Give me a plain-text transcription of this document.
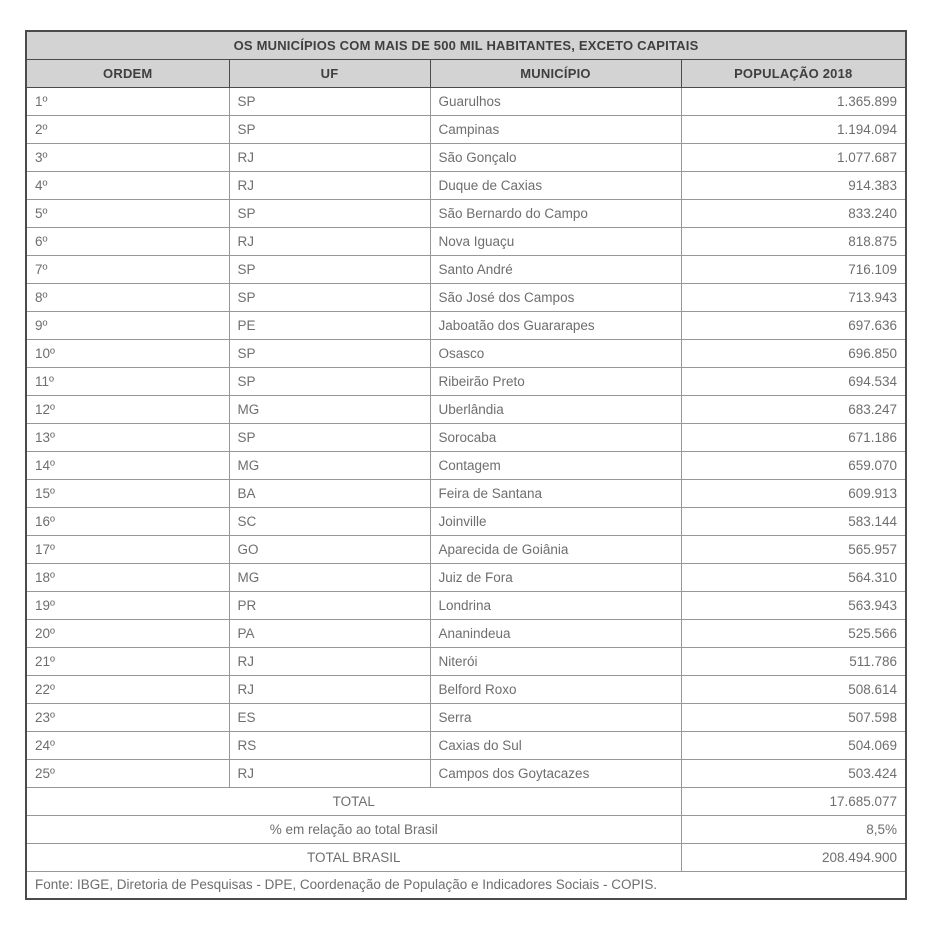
OS MUNICÍPIOS COM MAIS DE 500 MIL HABITANTES, EXCETO CAPITAIS			
ORDEM	UF	MUNICÍPIO	POPULAÇÃO 2018
1º	SP	Guarulhos	1.365.899
2º	SP	Campinas	1.194.094
3º	RJ	São Gonçalo	1.077.687
4º	RJ	Duque de Caxias	914.383
5º	SP	São Bernardo do Campo	833.240
6º	RJ	Nova Iguaçu	818.875
7º	SP	Santo André	716.109
8º	SP	São José dos Campos	713.943
9º	PE	Jaboatão dos Guararapes	697.636
10º	SP	Osasco	696.850
11º	SP	Ribeirão Preto	694.534
12º	MG	Uberlândia	683.247
13º	SP	Sorocaba	671.186
14º	MG	Contagem	659.070
15º	BA	Feira de Santana	609.913
16º	SC	Joinville	583.144
17º	GO	Aparecida de Goiânia	565.957
18º	MG	Juiz de Fora	564.310
19º	PR	Londrina	563.943
20º	PA	Ananindeua	525.566
21º	RJ	Niterói	511.786
22º	RJ	Belford Roxo	508.614
23º	ES	Serra	507.598
24º	RS	Caxias do Sul	504.069
25º	RJ	Campos dos Goytacazes	503.424
TOTAL			17.685.077
% em relação ao total Brasil			8,5%
TOTAL BRASIL			208.494.900
Fonte: IBGE, Diretoria de Pesquisas - DPE, Coordenação de População e Indicadores Sociais - COPIS.			
